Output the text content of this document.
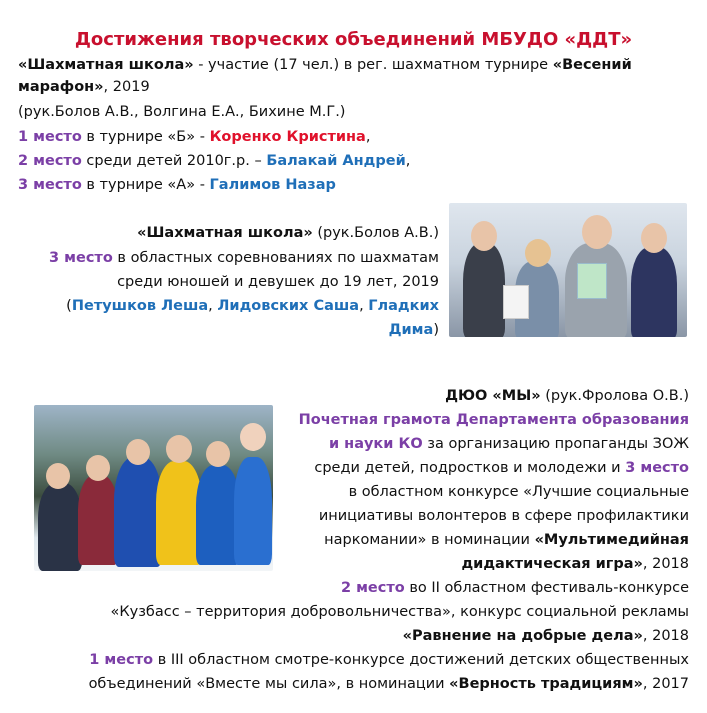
Достижения творческих объединений МБУДО «ДДТ»
«Шахматная школа» - участие (17 чел.) в рег. шахматном турнире «Весений
марафон», 2019
(рук.Болов А.В., Волгина Е.А., Бихине М.Г.)
1 место в турнире «Б» - Коренко Кристина,
2 место среди детей 2010г.р. – Балакай Андрей,
3 место в турнире «А» - Галимов Назар
«Шахматная школа» (рук.Болов А.В.)
3 место в областных соревнованиях по шахматам
среди юношей и девушек до 19 лет, 2019
(Петушков Леша, Лидовских Саша, Гладких
Дима)
ДЮО «МЫ» (рук.Фролова О.В.)
Почетная грамота Департамента образования
и науки КО за организацию пропаганды ЗОЖ
среди детей, подростков и молодежи и 3 место
в областном конкурсе «Лучшие социальные
инициативы волонтеров в сфере профилактики
наркомании» в номинации «Мультимедийная
дидактическая игра», 2018
2 место во II областном фестиваль-конкурсе
«Кузбасс – территория добровольничества», конкурс социальной рекламы
«Равнение на добрые дела», 2018
1 место в III областном смотре-конкурсе достижений детских общественных
объединений «Вместе мы сила», в номинации «Верность традициям», 2017
